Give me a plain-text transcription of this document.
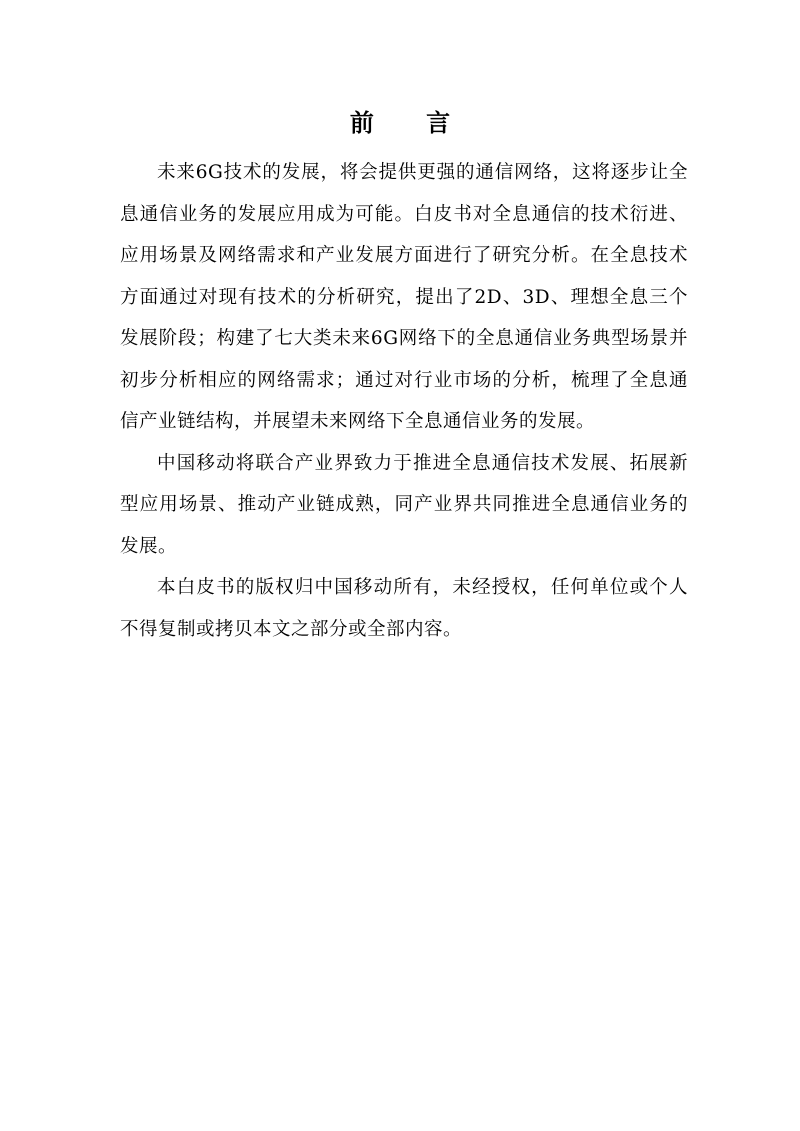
前 言

未来6G技术的发展，将会提供更强的通信网络，这将逐步让全息通信业务的发展应用成为可能。白皮书对全息通信的技术衍进、应用场景及网络需求和产业发展方面进行了研究分析。在全息技术方面通过对现有技术的分析研究，提出了2D、3D、理想全息三个发展阶段；构建了七大类未来6G网络下的全息通信业务典型场景并初步分析相应的网络需求；通过对行业市场的分析，梳理了全息通信产业链结构，并展望未来网络下全息通信业务的发展。

中国移动将联合产业界致力于推进全息通信技术发展、拓展新型应用场景、推动产业链成熟，同产业界共同推进全息通信业务的发展。

本白皮书的版权归中国移动所有，未经授权，任何单位或个人不得复制或拷贝本文之部分或全部内容。
